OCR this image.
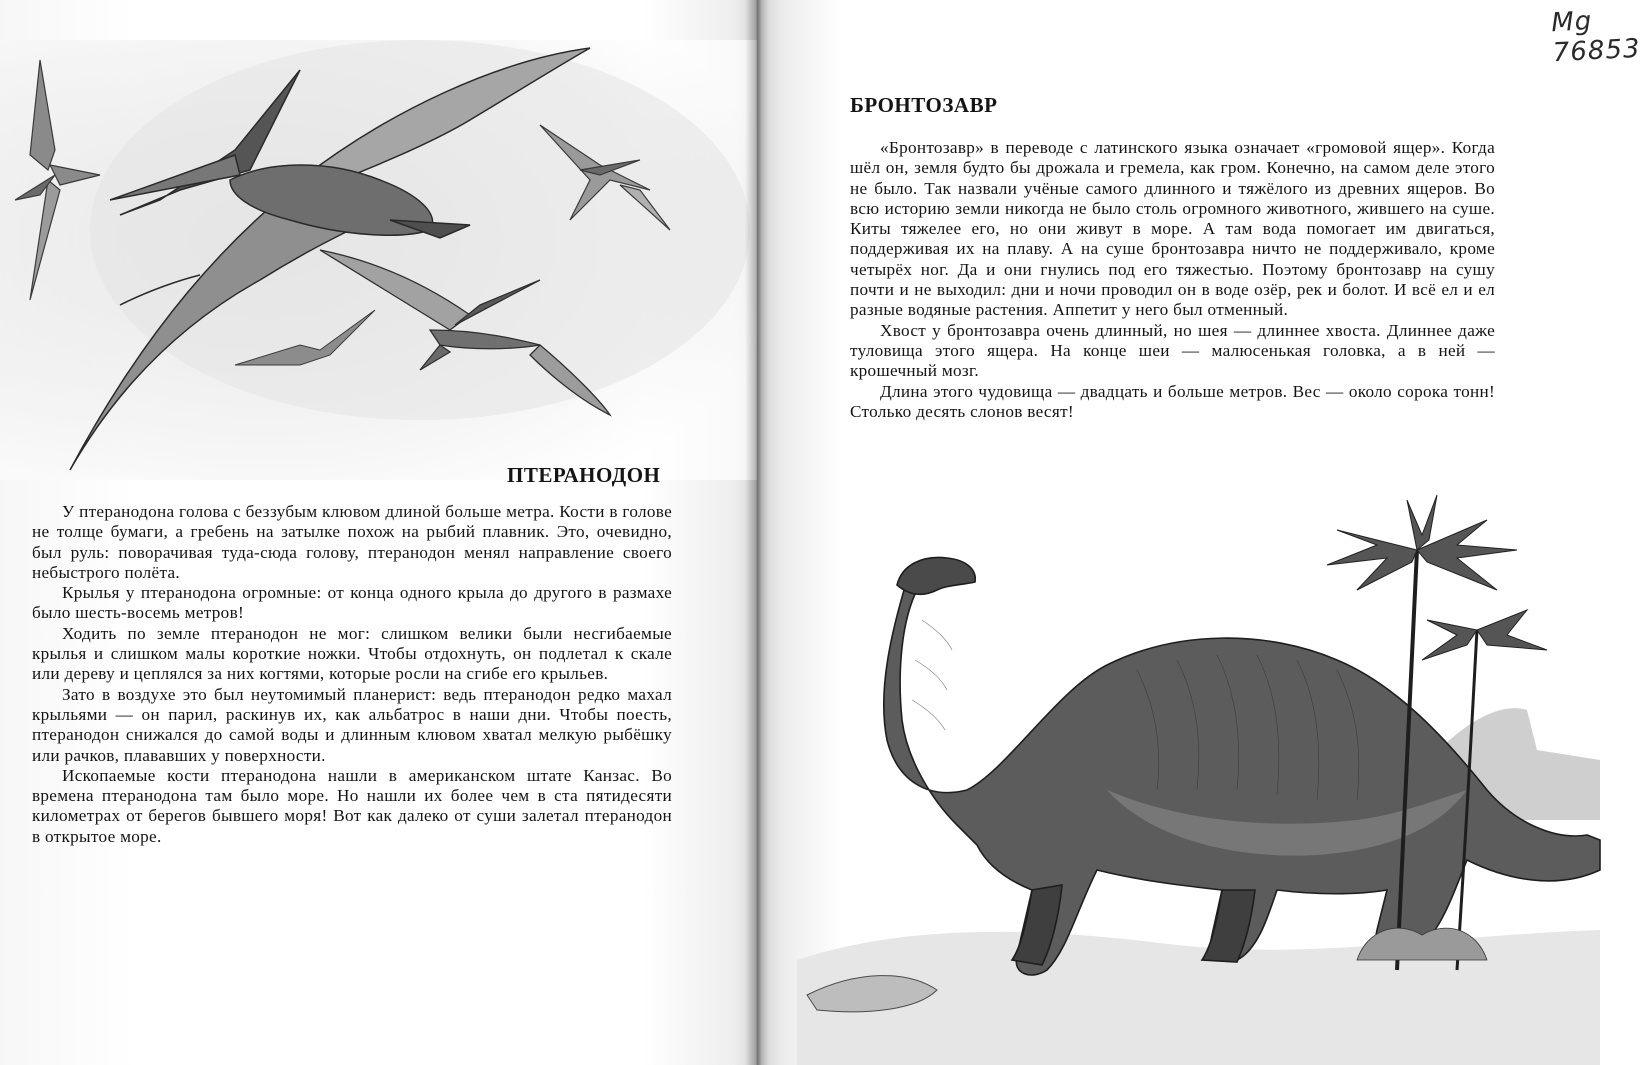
ПТЕРАНОДОН

У птеранодона голова с беззубым клювом длиной больше метра. Кости в голове не толще бумаги, а гребень на затылке похож на рыбий плавник. Это, очевидно, был руль: поворачивая туда-сюда голову, птеранодон менял направление своего небыстрого полёта.

Крылья у птеранодона огромные: от конца одного крыла до другого в размахе было шесть-восемь метров!

Ходить по земле птеранодон не мог: слишком велики были несгибаемые крылья и слишком малы короткие ножки. Чтобы отдохнуть, он подлетал к скале или дереву и цеплялся за них когтями, которые росли на сгибе его крыльев.

Зато в воздухе это был неутомимый планерист: ведь птеранодон редко махал крыльями — он парил, раскинув их, как альбатрос в наши дни. Чтобы поесть, птеранодон снижался до самой воды и длинным клювом хватал мелкую рыбёшку или рачков, плававших у поверхности.

Ископаемые кости птеранодона нашли в американском штате Канзас. Во времена птеранодона там было море. Но нашли их более чем в ста пятидесяти километрах от берегов бывшего моря! Вот как далеко от суши залетал птеранодон в открытое море.

Mg 76853
БРОНТОЗАВР

«Бронтозавр» в переводе с латинского языка означает «громовой ящер». Когда шёл он, земля будто бы дрожала и гремела, как гром. Конечно, на самом деле этого не было. Так назвали учёные самого длинного и тяжёлого из древних ящеров. Во всю историю земли никогда не было столь огромного животного, жившего на суше. Киты тяжелее его, но они живут в море. А там вода помогает им двигаться, поддерживая их на плаву. А на суше бронтозавра ничто не поддерживало, кроме четырёх ног. Да и они гнулись под его тяжестью. Поэтому бронтозавр на сушу почти и не выходил: дни и ночи проводил он в воде озёр, рек и болот. И всё ел и ел разные водяные растения. Аппетит у него был отменный.

Хвост у бронтозавра очень длинный, но шея — длиннее хвоста. Длиннее даже туловища этого ящера. На конце шеи — малюсенькая головка, а в ней — крошечный мозг.

Длина этого чудовища — двадцать и больше метров. Вес — около сорока тонн! Столько десять слонов весят!
